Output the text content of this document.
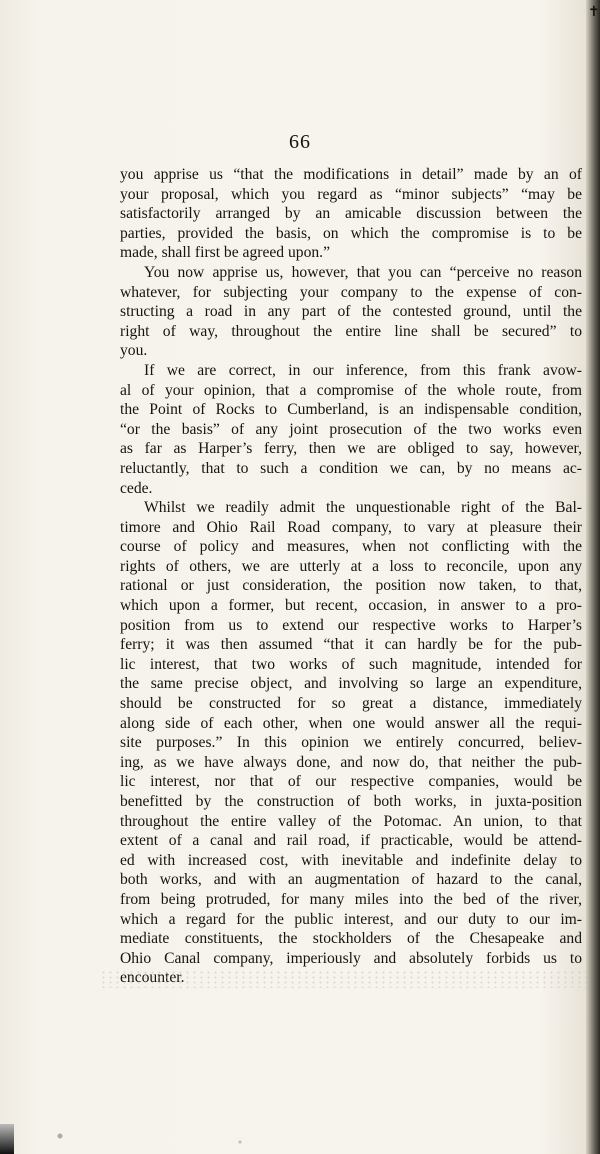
✝
66
you apprise us “that the modifications in detail” made by an of
your proposal, which you regard as “minor subjects” “may be
satisfactorily arranged by an amicable discussion between the
parties, provided the basis, on which the compromise is to be
made, shall first be agreed upon.”
You now apprise us, however, that you can “perceive no reason
whatever, for subjecting your company to the expense of con-
structing a road in any part of the contested ground, until the
right of way, throughout the entire line shall be secured” to
you.
If we are correct, in our inference, from this frank avow-
al of your opinion, that a compromise of the whole route, from
the Point of Rocks to Cumberland, is an indispensable condition,
“or the basis” of any joint prosecution of the two works even
as far as Harper’s ferry, then we are obliged to say, however,
reluctantly, that to such a condition we can, by no means ac-
cede.
Whilst we readily admit the unquestionable right of the Bal-
timore and Ohio Rail Road company, to vary at pleasure their
course of policy and measures, when not conflicting with the
rights of others, we are utterly at a loss to reconcile, upon any
rational or just consideration, the position now taken, to that,
which upon a former, but recent, occasion, in answer to a pro-
position from us to extend our respective works to Harper’s
ferry; it was then assumed “that it can hardly be for the pub-
lic interest, that two works of such magnitude, intended for
the same precise object, and involving so large an expenditure,
should be constructed for so great a distance, immediately
along side of each other, when one would answer all the requi-
site purposes.” In this opinion we entirely concurred, believ-
ing, as we have always done, and now do, that neither the pub-
lic interest, nor that of our respective companies, would be
benefitted by the construction of both works, in juxta-position
throughout the entire valley of the Potomac. An union, to that
extent of a canal and rail road, if practicable, would be attend-
ed with increased cost, with inevitable and indefinite delay to
both works, and with an augmentation of hazard to the canal,
from being protruded, for many miles into the bed of the river,
which a regard for the public interest, and our duty to our im-
mediate constituents, the stockholders of the Chesapeake and
Ohio Canal company, imperiously and absolutely forbids us to
encounter.
